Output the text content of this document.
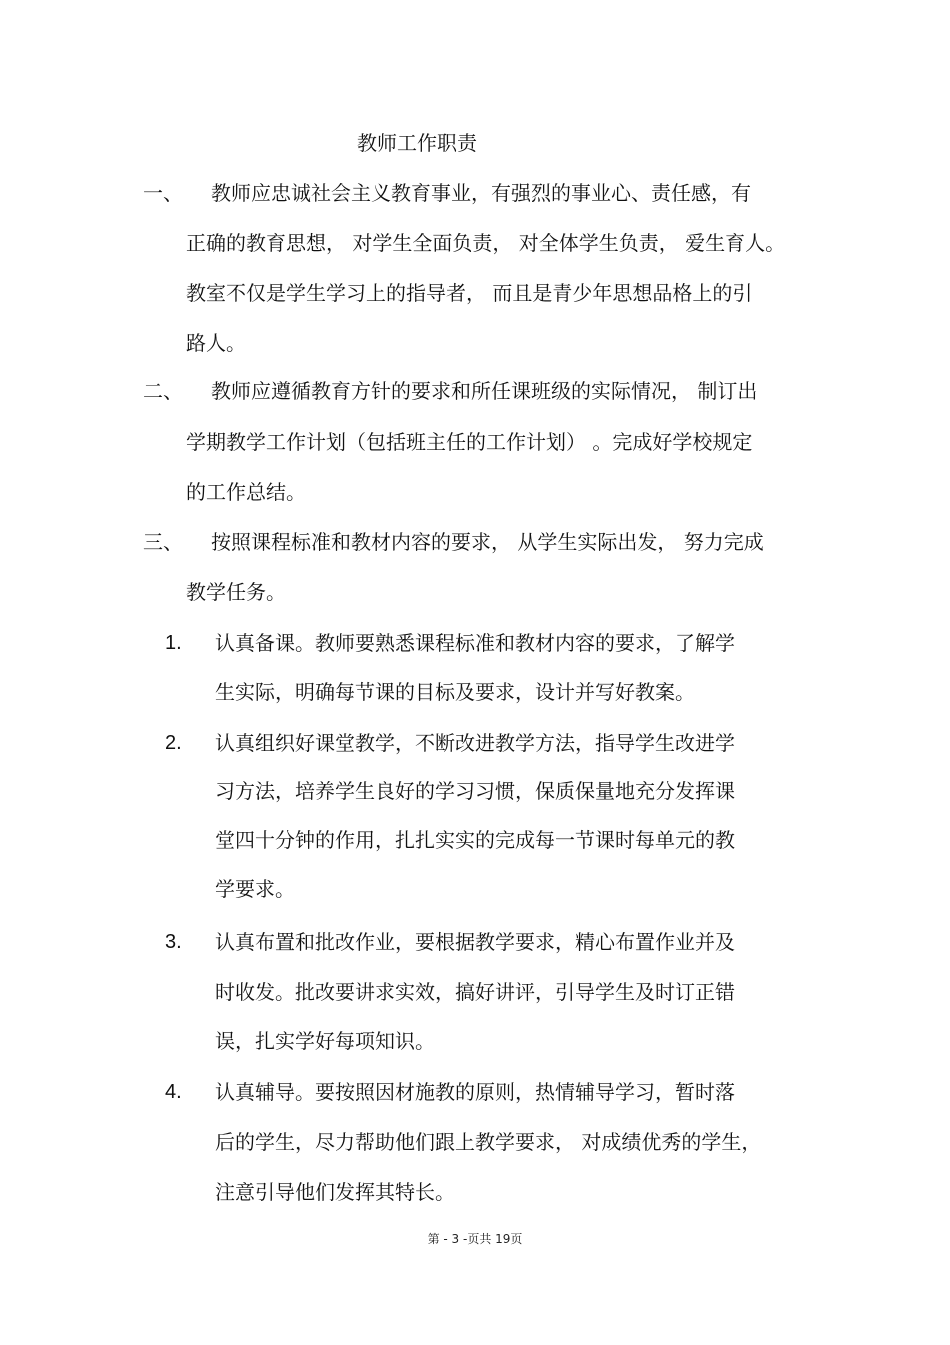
教师工作职责
一、 教师应忠诚社会主义教育事业，有强烈的事业心、责任感，有
正确的教育思想， 对学生全面负责， 对全体学生负责， 爱生育人。
教室不仅是学生学习上的指导者， 而且是青少年思想品格上的引
路人。
二、 教师应遵循教育方针的要求和所任课班级的实际情况， 制订出
学期教学工作计划（包括班主任的工作计划） 。完成好学校规定
的工作总结。
三、 按照课程标准和教材内容的要求， 从学生实际出发， 努力完成
教学任务。
1. 认真备课。教师要熟悉课程标准和教材内容的要求，了解学
生实际，明确每节课的目标及要求，设计并写好教案。
2. 认真组织好课堂教学，不断改进教学方法，指导学生改进学
习方法，培养学生良好的学习习惯，保质保量地充分发挥课
堂四十分钟的作用，扎扎实实的完成每一节课时每单元的教
学要求。
3. 认真布置和批改作业，要根据教学要求，精心布置作业并及
时收发。批改要讲求实效，搞好讲评，引导学生及时订正错
误，扎实学好每项知识。
4. 认真辅导。要按照因材施教的原则，热情辅导学习，暂时落
后的学生，尽力帮助他们跟上教学要求， 对成绩优秀的学生，
注意引导他们发挥其特长。
第 - 3 -页共 19页
